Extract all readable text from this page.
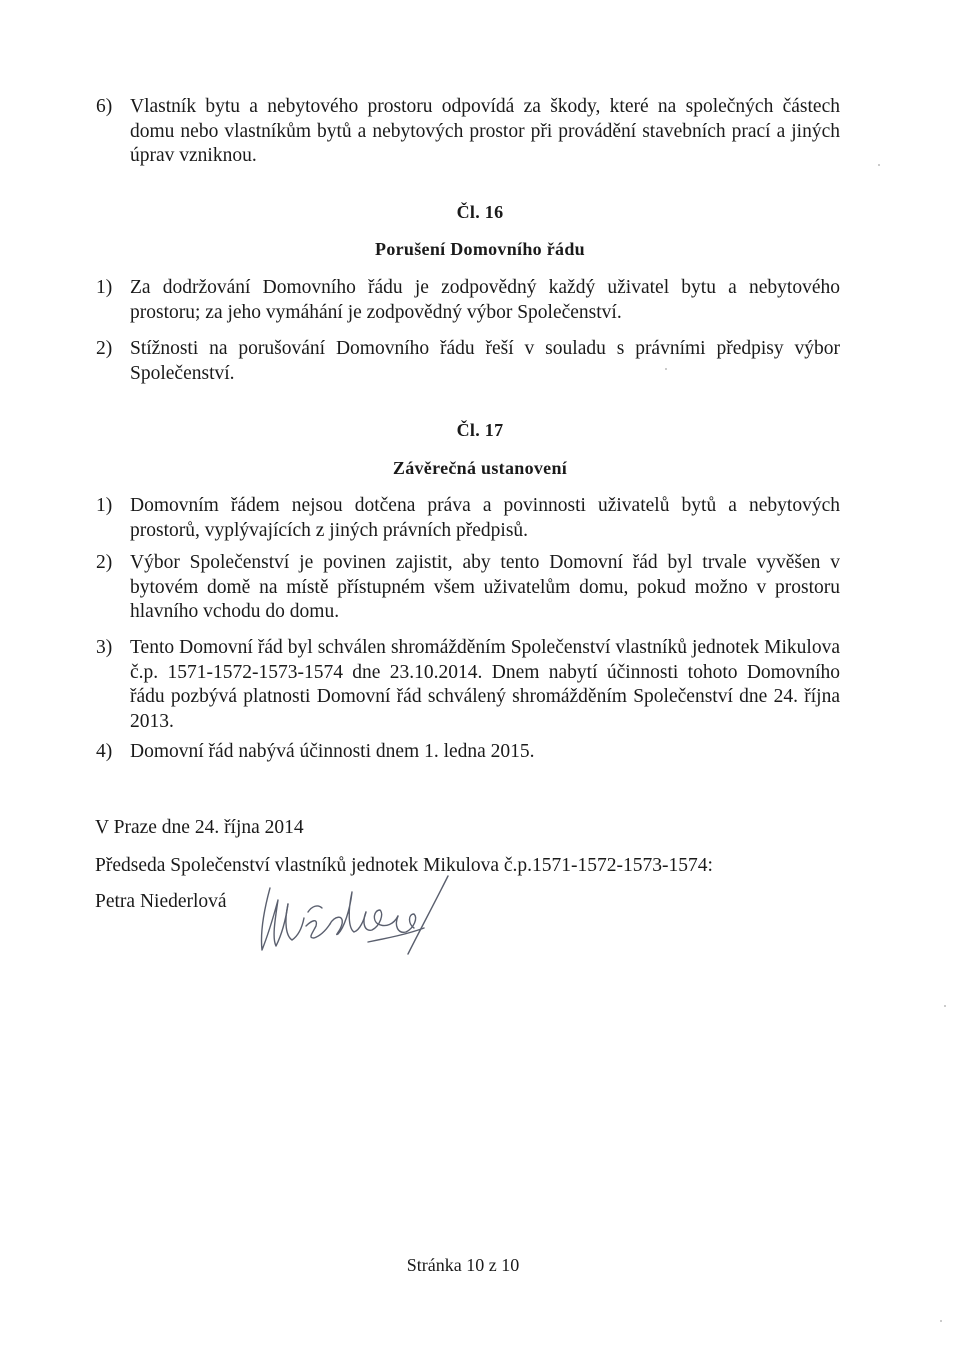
6) Vlastník bytu a nebytového prostoru odpovídá za škody, které na společných částech domu nebo vlastníkům bytů a nebytových prostor při provádění stavebních prací a jiných úprav vzniknou.
Čl. 16
Porušení Domovního řádu
1) Za dodržování Domovního řádu je zodpovědný každý uživatel bytu a nebytového prostoru; za jeho vymáhání je zodpovědný výbor Společenství.
2) Stížnosti na porušování Domovního řádu řeší v souladu s právními předpisy výbor Společenství.
Čl. 17
Závěrečná ustanovení
1) Domovním řádem nejsou dotčena práva a povinnosti uživatelů bytů a nebytových prostorů, vyplývajících z jiných právních předpisů.
2) Výbor Společenství je povinen zajistit, aby tento Domovní řád byl trvale vyvěšen v bytovém domě na místě přístupném všem uživatelům domu, pokud možno v prostoru hlavního vchodu do domu.
3) Tento Domovní řád byl schválen shromážděním Společenství vlastníků jednotek Mikulova č.p. 1571-1572-1573-1574 dne 23.10.2014. Dnem nabytí účinnosti tohoto Domovního řádu pozbývá platnosti Domovní řád schválený shromážděním Společenství dne 24. října 2013.
4) Domovní řád nabývá účinnosti dnem 1. ledna 2015.
V Praze dne 24. října 2014
Předseda Společenství vlastníků jednotek Mikulova č.p.1571-1572-1573-1574:
Petra Niederlová
Stránka 10 z 10
